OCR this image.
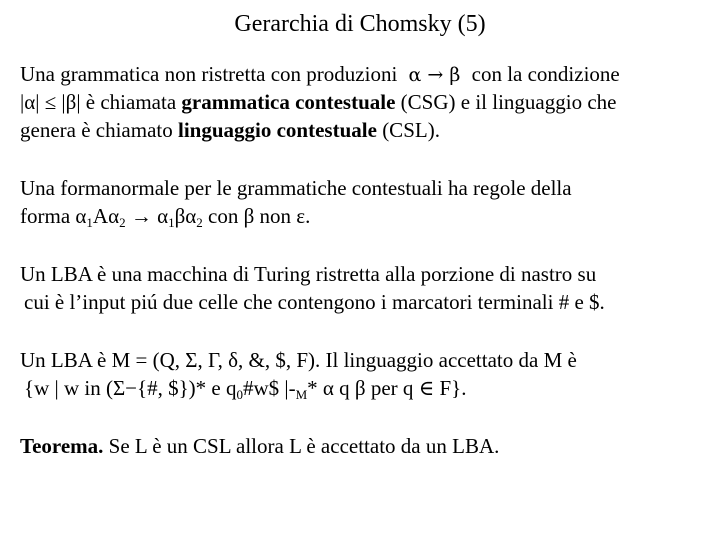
Gerarchia di Chomsky (5)
Una grammatica non ristretta con produzioni α → β con la condizione
|α| ≤ |β| è chiamata grammatica contestuale (CSG) e il linguaggio che
genera è chiamato linguaggio contestuale (CSL).
Una formanormale per le grammatiche contestuali ha regole della
forma $\alpha_1A\alpha_2 \to \alpha_1\beta\alpha_2$ con β non ε.
Un LBA è una macchina di Turing ristretta alla porzione di nastro su
cui è l’input piú due celle che contengono i marcatori terminali # e $.
Un LBA è M = (Q, Σ, Γ, δ, &, $, F). Il linguaggio accettato da M è
{w | w in (Σ−{#, $})* e $q_0\#w\$$ $|-_M*$ α q β per q ∈ F}.
Teorema. Se L è un CSL allora L è accettato da un LBA.
